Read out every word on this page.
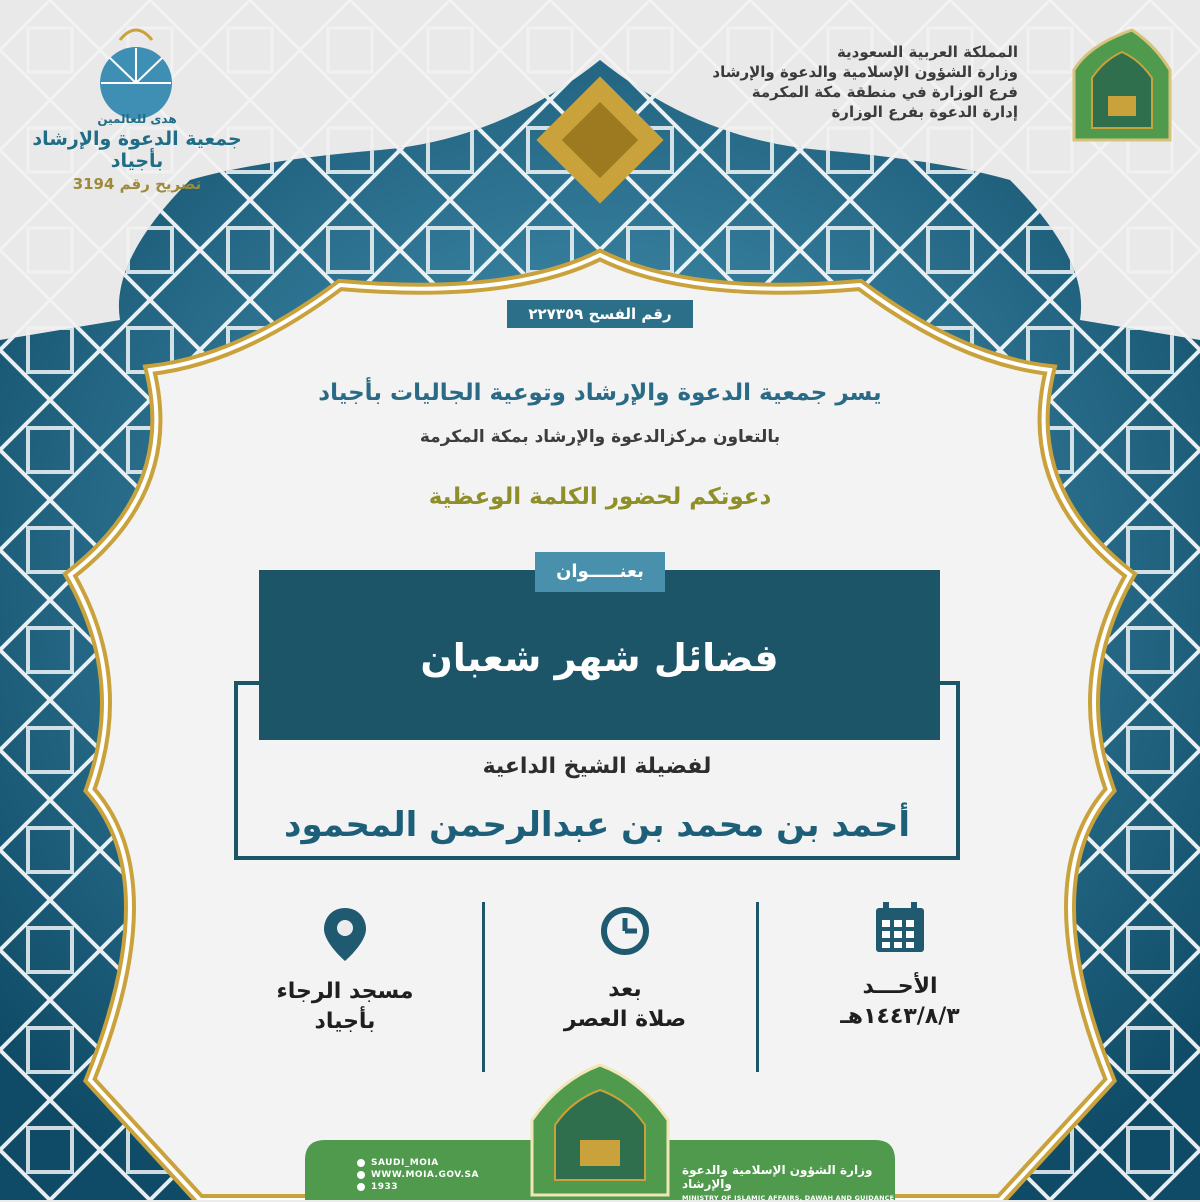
المملكة العربية السعودية
وزارة الشؤون الإسلامية والدعوة والإرشاد
فرع الوزارة في منطقة مكة المكرمة
إدارة الدعوة بفرع الوزارة
هدى للعالمين
جمعية الدعوة والإرشاد بأجياد
تصريح رقم 3194
رقم الفسح ٢٢٧٣٥٩
يسر جمعية الدعوة والإرشاد وتوعية الجاليات بأجياد
بالتعاون مركزالدعوة والإرشاد بمكة المكرمة
دعوتكم لحضور الكلمة الوعظية
بعنـــــوان
فضائل شهر شعبان
لفضيلة الشيخ الداعية
أحمد بن محمد بن عبدالرحمن المحمود
الأحـــد
١٤٤٣/٨/٣هـ
بعد
صلاة العصر
مسجد الرجاء
بأجياد
وزارة الشؤون الإسلامية والدعوة والإرشاد
MINISTRY OF ISLAMIC AFFAIRS, DAWAH AND GUIDANCE
SAUDI_MOIA
WWW.MOIA.GOV.SA
1933
